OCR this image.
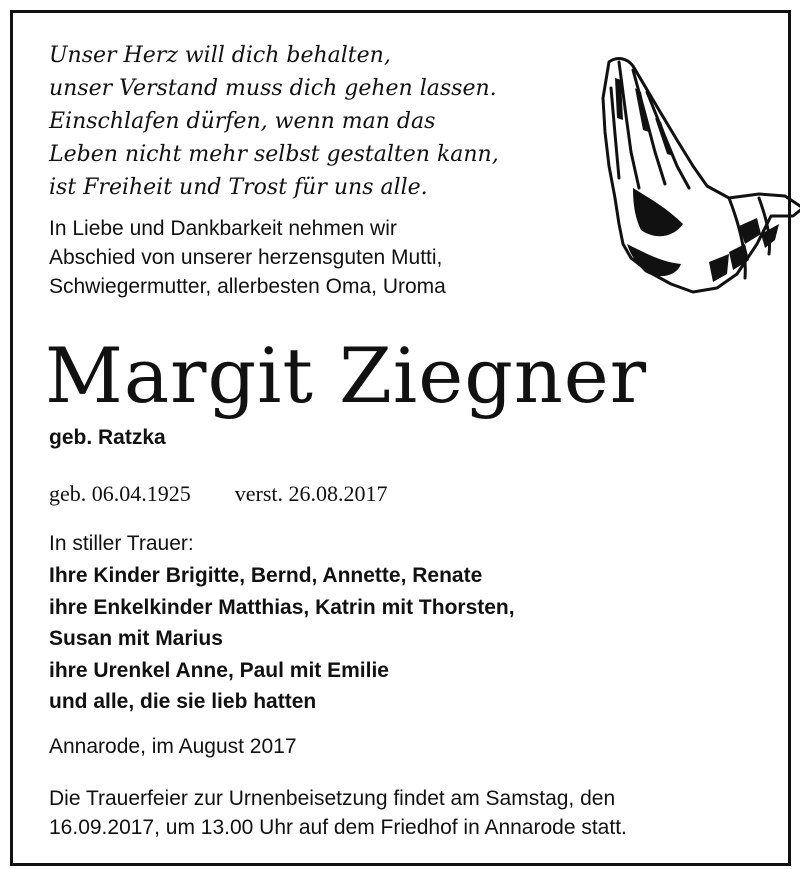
Unser Herz will dich behalten,
unser Verstand muss dich gehen lassen.
Einschlafen dürfen, wenn man das
Leben nicht mehr selbst gestalten kann,
ist Freiheit und Trost für uns alle.
In Liebe und Dankbarkeit nehmen wir
Abschied von unserer herzensguten Mutti,
Schwiegermutter, allerbesten Oma, Uroma
Margit Ziegner
geb. Ratzka
geb. 06.04.1925 verst. 26.08.2017
In stiller Trauer:
Ihre Kinder Brigitte, Bernd, Annette, Renate
ihre Enkelkinder Matthias, Katrin mit Thorsten,
Susan mit Marius
ihre Urenkel Anne, Paul mit Emilie
und alle, die sie lieb hatten
Annarode, im August 2017
Die Trauerfeier zur Urnenbeisetzung findet am Samstag, den
16.09.2017, um 13.00 Uhr auf dem Friedhof in Annarode statt.
